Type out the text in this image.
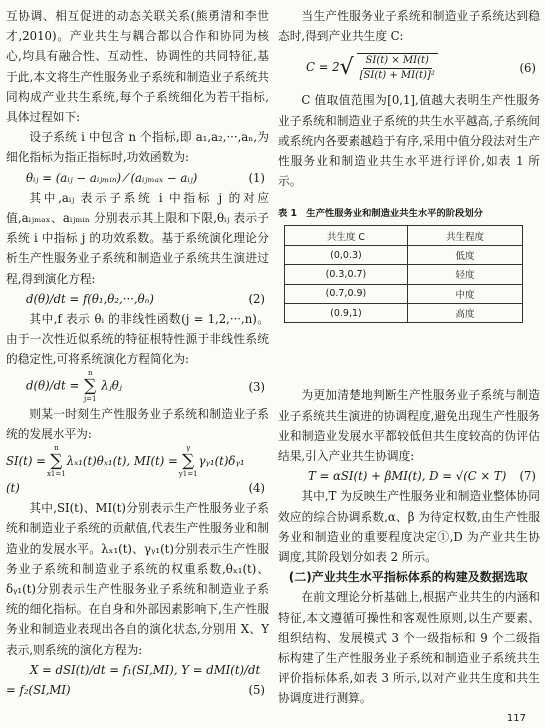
互协调、相互促进的动态关联关系(熊勇清和李世才,2010)。产业共生与耦合都以合作和协同为核心,均具有融合性、互动性、协调性的共同特征,基于此,本文将生产性服务业子系统和制造业子系统共同构成产业共生系统,每个子系统细化为若干指标,具体过程如下:

设子系统 i 中包含 n 个指标,即 a₁,a₂,···,aₙ,为细化指标为指正指标时,功效函数为:

θᵢⱼ = (aᵢⱼ − aᵢⱼₘᵢₙ) ⁄ (aᵢⱼₘₐₓ − aᵢⱼ)	(1)

其中,aᵢⱼ 表示子系统 i 中指标 j 的对应值,aᵢⱼₘₐₓ、aᵢⱼₘᵢₙ 分别表示其上限和下限,θᵢⱼ 表示子系统 i 中指标 j 的功效系数。基于系统演化理论分析生产性服务业子系统和制造业子系统共生演进过程,得到演化方程:

d(θ)/dt = f(θ₁,θ₂,···,θₙ)	(2)

其中,f 表示 θᵢ 的非线性函数(j = 1,2,···,n)。由于一次性近似系统的特征根特性源于非线性系统的稳定性,可将系统演化方程简化为:

d(θ)/dt =
n
∑
j=1
λⱼθⱼ	(3)

则某一时刻生产性服务业子系统和制造业子系统的发展水平为:

SI(t) =
n
∑
x1=1
λₓ₁(t)θₓ₁(t), MI(t) =
γ
∑
y1=1
γᵧ₁(t)δᵧ₁
(t)	(4)

其中,SI(t)、MI(t)分别表示生产性服务业子系统和制造业子系统的贡献值,代表生产性服务业和制造业的发展水平。λₓ₁(t)、γᵧ₁(t)分别表示生产性服务业子系统和制造业子系统的权重系数,θₓ₁(t)、δᵧ₁(t)分别表示生产性服务业子系统和制造业子系统的细化指标。在自身和外部因素影响下,生产性服务业和制造业表现出各自的演化状态,分别用 X、Y 表示,则系统的演化方程为:

X = dSI(t)/dt = f₁(SI,MI), Y = dMI(t)/dt
= f₂(SI,MI)	(5)

当生产性服务业子系统和制造业子系统达到稳态时,得到产业共生度 C:

$C = 2√ \frac{SI(t) \times MI(t)}{\text{[SI(t) + MI(t)]²}}$	(6)

C 值取值范围为[0,1],值越大表明生产性服务业子系统和制造业子系统的共生水平越高,子系统间或系统内各要素越趋于有序,采用中值分段法对生产性服务业和制造业共生水平进行评价,如表 1 所示。

表 1　生产性服务业和制造业共生水平的阶段划分
共生度 C	共生程度
(0,0.3)	低度
(0.3,0.7)	轻度
(0.7,0.9)	中度
(0.9,1)	高度

为更加清楚地判断生产性服务业子系统与制造业子系统共生演进的协调程度,避免出现生产性服务业和制造业发展水平都较低但共生度较高的伪评估结果,引入产业共生协调度:

T = αSI(t) + βMI(t), D = √(C × T) (7)

其中,T 为反映生产性服务业和制造业整体协同效应的综合协调系数,α、β 为待定权数,由生产性服务业和制造业的重要程度决定①,D 为产业共生协调度,其阶段划分如表 2 所示。

(二)产业共生水平指标体系的构建及数据选取

在前文理论分析基础上,根据产业共生的内涵和特征,本文遵循可操性和客观性原则,以生产要素、组织结构、发展模式 3 个一级指标和 9 个二级指标构建了生产性服务业子系统和制造业子系统共生评价指标体系,如表 3 所示,以对产业共生度和共生协调度进行测算。

117
